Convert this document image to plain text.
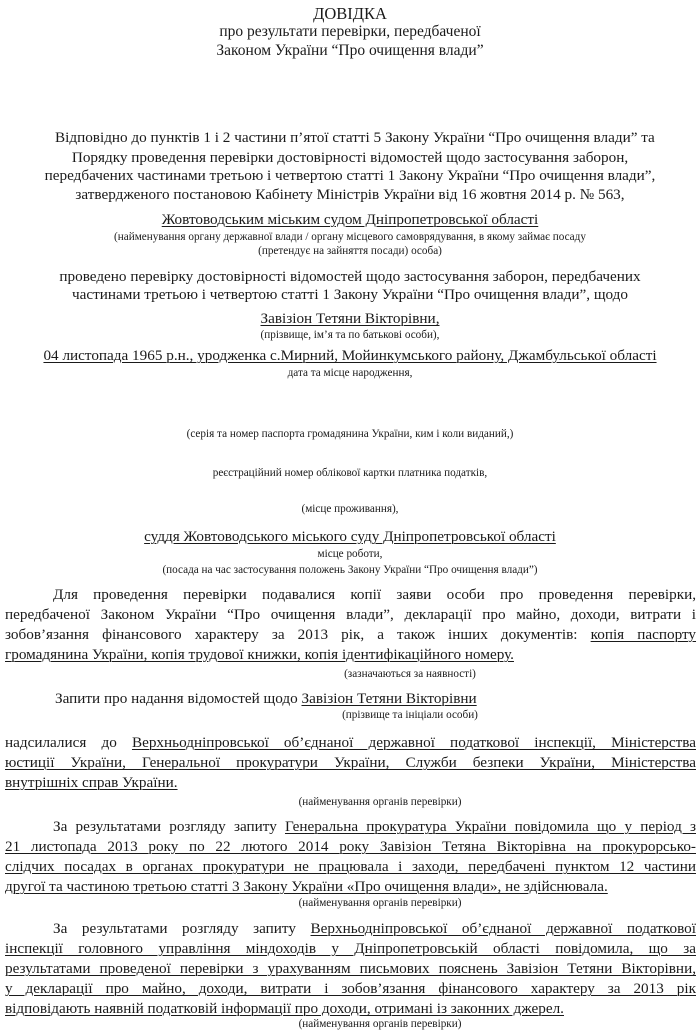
ДОВІДКА
про результати перевірки, передбаченої
Законом України “Про очищення влади”
Відповідно до пунктів 1 і 2 частини п’ятої статті 5 Закону України “Про очищення влади” та
Порядку проведення перевірки достовірності відомостей щодо застосування заборон,
передбачених частинами третьою і четвертою статті 1 Закону України “Про очищення влади”,
затвердженого постановою Кабінету Міністрів України від 16 жовтня 2014 р. № 563,
Жовтоводським міським судом Дніпропетровської області
(найменування органу державної влади / органу місцевого самоврядування, в якому займає посаду
(претендує на зайняття посади) особа)
проведено перевірку достовірності відомостей щодо застосування заборон, передбачених
частинами третьою і четвертою статті 1 Закону України “Про очищення влади”, щодо
Завізіон Тетяни Вікторівни,
(прізвище, ім’я та по батькові особи),
04 листопада 1965 р.н., уродженка с.Мирний, Мойинкумського району, Джамбульської області
дата та місце народження,
(серія та номер паспорта громадянина України, ким і коли виданий,)
реєстраційний номер облікової картки платника податків,
(місце проживання),
суддя Жовтоводського міського суду Дніпропетровської області
місце роботи,
(посада на час застосування положень Закону України “Про очищення влади”)
Для проведення перевірки подавалися копії заяви особи про проведення перевірки,
передбаченої Законом України “Про очищення влади”, декларації про майно, доходи, витрати і
зобов’язання фінансового характеру за 2013 рік, а також інших документів: копія паспорту
громадянина України, копія трудової книжки, копія ідентифікаційного номеру.
(зазначаються за наявності)
Запити про надання відомостей щодо Завізіон Тетяни Вікторівни
(прізвище та ініціали особи)
надсилалися до Верхньодніпровської об’єднаної державної податкової інспекції, Міністерства
юстиції України, Генеральної прокуратури України, Служби безпеки України, Міністерства
внутрішніх справ України.
(найменування органів перевірки)
За результатами розгляду запиту Генеральна прокуратура України повідомила що у період з
21 листопада 2013 року по 22 лютого 2014 року Завізіон Тетяна Вікторівна на прокурорсько-
слідчих посадах в органах прокуратури не працювала і заходи, передбачені пунктом 12 частини
другої та частиною третьою статті 3 Закону України «Про очищення влади», не здійснювала.
(найменування органів перевірки)
За результатами розгляду запиту Верхньодніпровської об’єднаної державної податкової
інспекції головного управління міндоходів у Дніпропетровській області повідомила, що за
результатами проведеної перевірки з урахуванням письмових пояснень Завізіон Тетяни Вікторівни,
у декларації про майно, доходи, витрати і зобов’язання фінансового характеру за 2013 рік
відповідають наявній податковій інформації про доходи, отримані із законних джерел.
(найменування органів перевірки)
